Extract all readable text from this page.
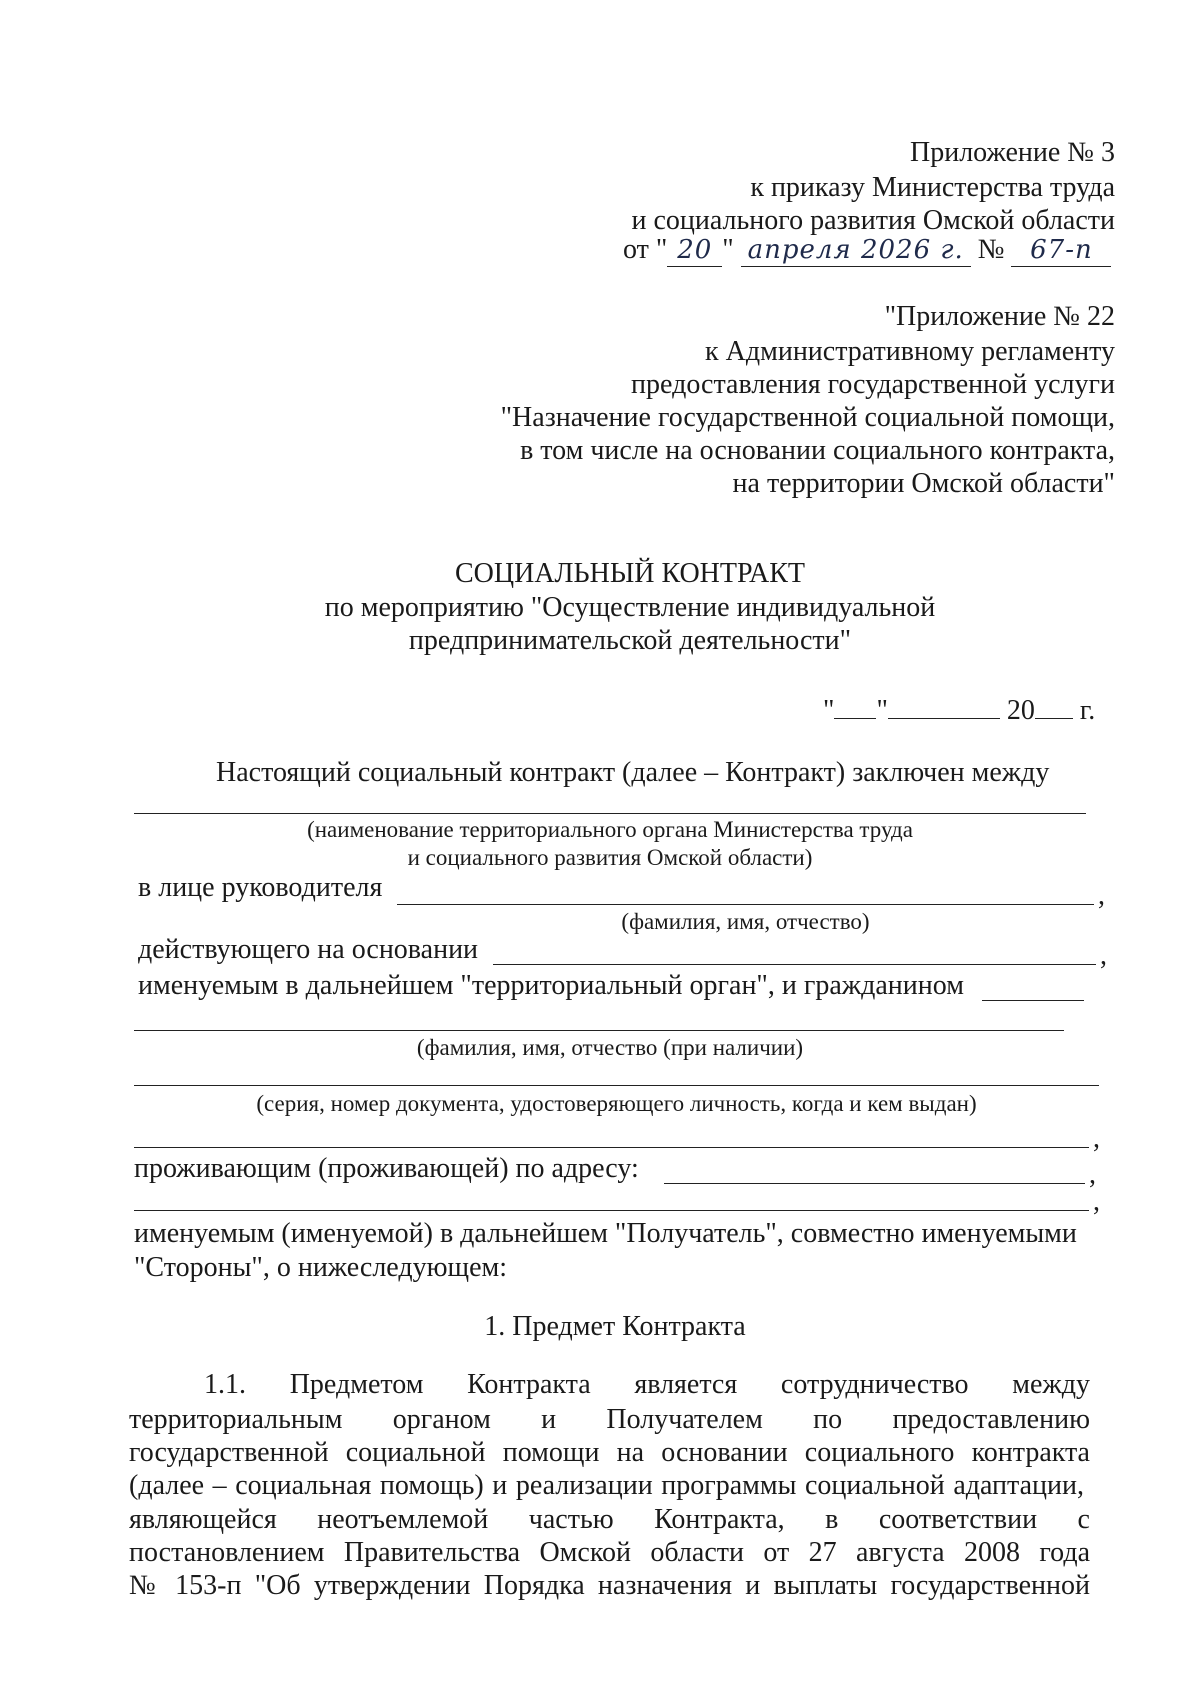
Приложение № 3
к приказу Министерства труда
и социального развития Омской области
от " 20 " апреля 2026 г. № 67-п
"Приложение № 22
к Административному регламенту
предоставления государственной услуги
"Назначение государственной социальной помощи,
в том числе на основании социального контракта,
на территории Омской области"
СОЦИАЛЬНЫЙ КОНТРАКТ
по мероприятию "Осуществление индивидуальной
предпринимательской деятельности"
" "	20 г.
Настоящий социальный контракт (далее – Контракт) заключен между
(наименование территориального органа Министерства труда
и социального развития Омской области)
в лице руководителя	,
(фамилия, имя, отчество)
действующего на основании	,
именуемым в дальнейшем "территориальный орган", и гражданином
(фамилия, имя, отчество (при наличии)
(серия, номер документа, удостоверяющего личность, когда и кем выдан)
,
проживающим (проживающей) по адресу:	,
,
именуемым (именуемой) в дальнейшем "Получатель", совместно именуемыми
"Стороны", о нижеследующем:
1. Предмет Контракта
1.1. Предметом Контракта является сотрудничество между
территориальным органом и Получателем по предоставлению
государственной социальной помощи на основании социального контракта
(далее – социальная помощь) и реализации программы социальной адаптации,
являющейся неотъемлемой частью Контракта, в соответствии с
постановлением Правительства Омской области от 27 августа 2008 года
№ 153-п "Об утверждении Порядка назначения и выплаты государственной
